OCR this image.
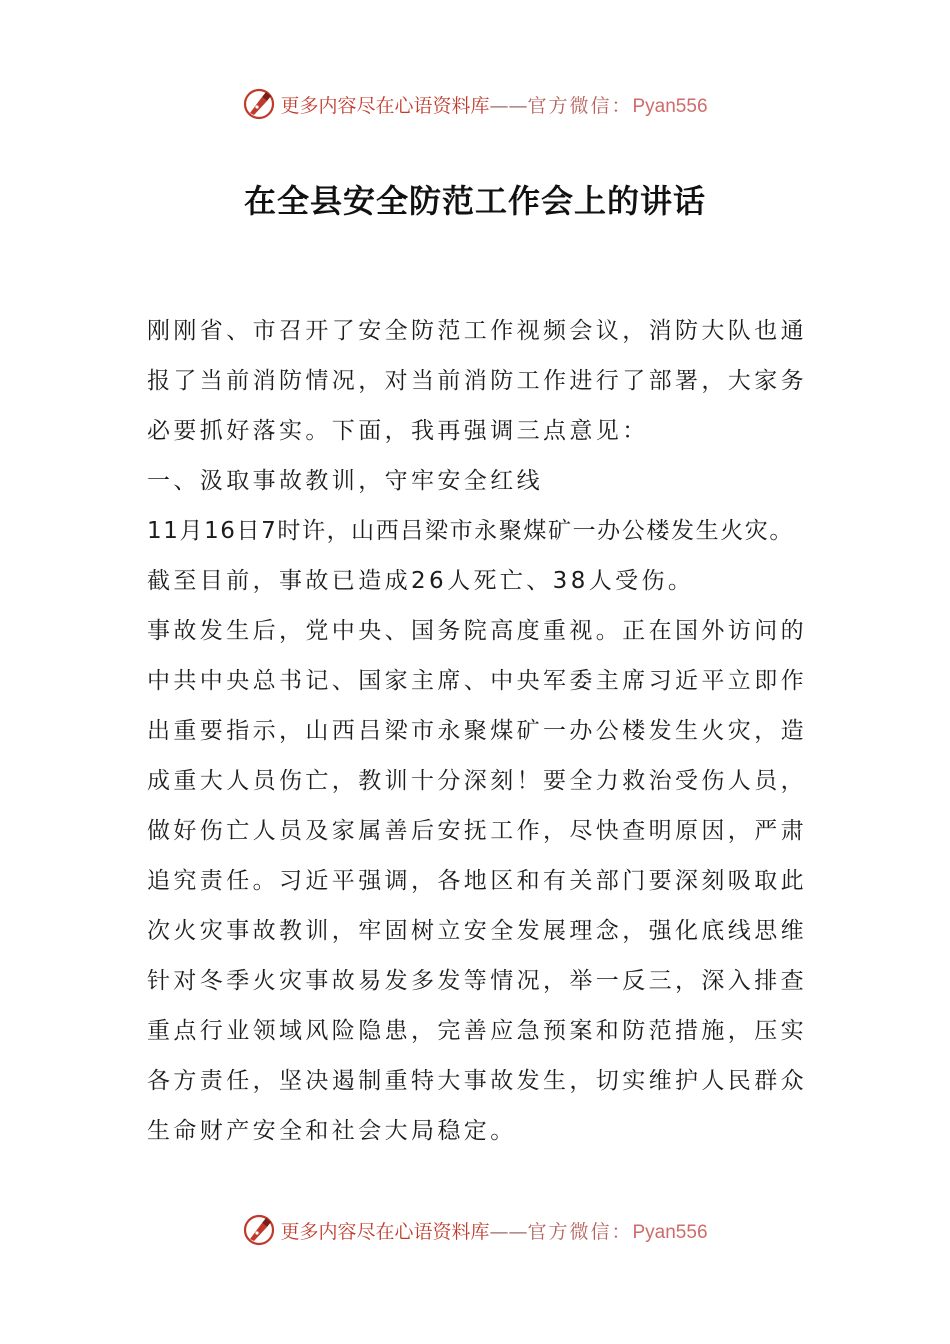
更多内容尽在心语资料库——官方微信：Pyan556
在全县安全防范工作会上的讲话
刚刚省、市召开了安全防范工作视频会议，消防大队也通
报了当前消防情况，对当前消防工作进行了部署，大家务
必要抓好落实。下面，我再强调三点意见：
一、汲取事故教训，守牢安全红线
11月16日7时许，山西吕梁市永聚煤矿一办公楼发生火灾。
截至目前，事故已造成26人死亡、38人受伤。
事故发生后，党中央、国务院高度重视。正在国外访问的
中共中央总书记、国家主席、中央军委主席习近平立即作
出重要指示，山西吕梁市永聚煤矿一办公楼发生火灾，造
成重大人员伤亡，教训十分深刻！要全力救治受伤人员，
做好伤亡人员及家属善后安抚工作，尽快查明原因，严肃
追究责任。习近平强调，各地区和有关部门要深刻吸取此
次火灾事故教训，牢固树立安全发展理念，强化底线思维
针对冬季火灾事故易发多发等情况，举一反三，深入排查
重点行业领域风险隐患，完善应急预案和防范措施，压实
各方责任，坚决遏制重特大事故发生，切实维护人民群众
生命财产安全和社会大局稳定。
更多内容尽在心语资料库——官方微信：Pyan556
